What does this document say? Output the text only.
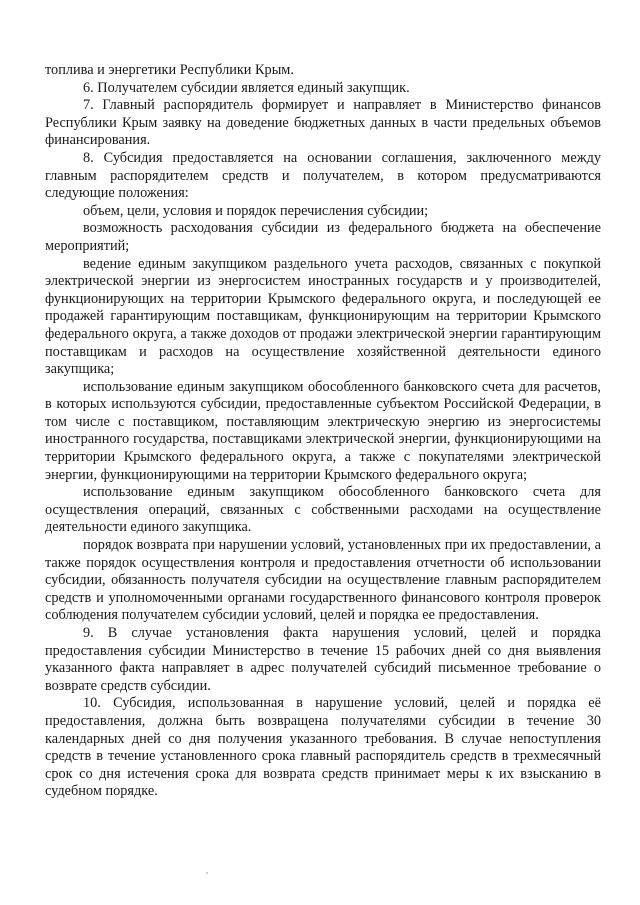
топлива и энергетики Республики Крым.

6. Получателем субсидии является единый закупщик.

7. Главный распорядитель формирует и направляет в Министерство финансов Республики Крым заявку на доведение бюджетных данных в части предельных объемов финансирования.

8. Субсидия предоставляется на основании соглашения, заключенного между главным распорядителем средств и получателем, в котором предусматриваются следующие положения:

объем, цели, условия и порядок перечисления субсидии;

возможность расходования субсидии из федерального бюджета на обеспечение мероприятий;

ведение единым закупщиком раздельного учета расходов, связанных с покупкой электрической энергии из энергосистем иностранных государств и у производителей, функционирующих на территории Крымского федерального округа, и последующей ее продажей гарантирующим поставщикам, функционирующим на территории Крымского федерального округа, а также доходов от продажи электрической энергии гарантирующим поставщикам и расходов на осуществление хозяйственной деятельности единого закупщика;

использование единым закупщиком обособленного банковского счета для расчетов, в которых используются субсидии, предоставленные субъектом Российской Федерации, в том числе с поставщиком, поставляющим электрическую энергию из энергосистемы иностранного государства, поставщиками электрической энергии, функционирующими на территории Крымского федерального округа, а также с покупателями электрической энергии, функционирующими на территории Крымского федерального округа;

использование единым закупщиком обособленного банковского счета для осуществления операций, связанных с собственными расходами на осуществление деятельности единого закупщика.

порядок возврата при нарушении условий, установленных при их предоставлении, а также порядок осуществления контроля и предоставления отчетности об использовании субсидии, обязанность получателя субсидии на осуществление главным распорядителем средств и уполномоченными органами государственного финансового контроля проверок соблюдения получателем субсидии условий, целей и порядка ее предоставления.

9. В случае установления факта нарушения условий, целей и порядка предоставления субсидии Министерство в течение 15 рабочих дней со дня выявления указанного факта направляет в адрес получателей субсидий письменное требование о возврате средств субсидии.

10. Субсидия, использованная в нарушение условий, целей и порядка её предоставления, должна быть возвращена получателями субсидии в течение 30 календарных дней со дня получения указанного требования. В случае непоступления средств в течение установленного срока главный распорядитель средств в трехмесячный срок со дня истечения срока для возврата средств принимает меры к их взысканию в судебном порядке.
